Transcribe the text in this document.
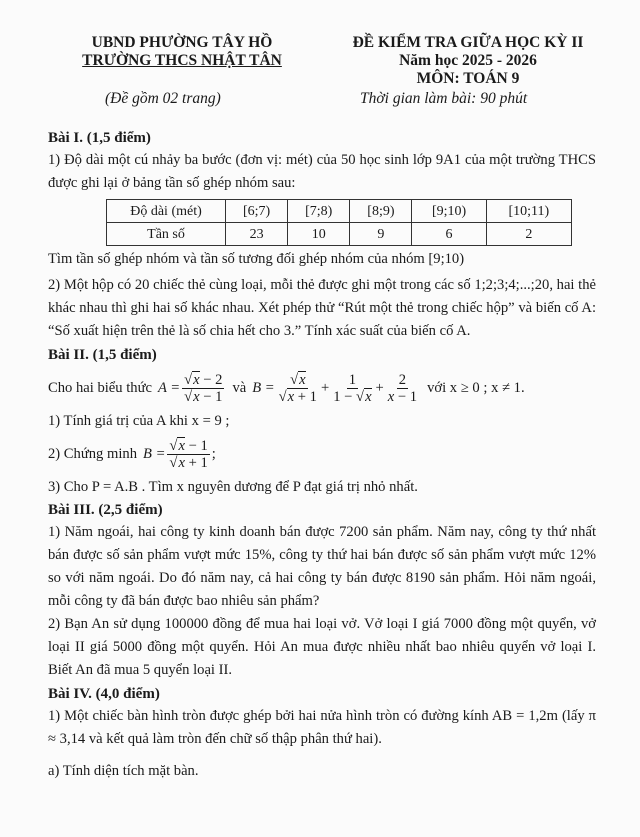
UBND PHƯỜNG TÂY HỒ
TRƯỜNG THCS NHẬT TÂN
(Đề gồm 02 trang)
ĐỀ KIỂM TRA GIỮA HỌC KỲ II
Năm học 2025 - 2026
MÔN: TOÁN 9
Thời gian làm bài: 90 phút
Bài I. (1,5 điểm)

1) Độ dài một cú nhảy ba bước (đơn vị: mét) của 50 học sinh lớp 9A1 của một trường THCS được ghi lại ở bảng tần số ghép nhóm sau:

Độ dài (mét)	[6;7)	[7;8)	[8;9)	[9;10)	[10;11)
Tần số	23	10	9	6	2

Tìm tần số ghép nhóm và tần số tương đối ghép nhóm của nhóm [9;10)

2) Một hộp có 20 chiếc thẻ cùng loại, mỗi thẻ được ghi một trong các số 1;2;3;4;...;20, hai thẻ khác nhau thì ghi hai số khác nhau. Xét phép thử “Rút một thẻ trong chiếc hộp” và biến cố A: “Số xuất hiện trên thẻ là số chia hết cho 3.” Tính xác suất của biến cố A.

Bài II. (1,5 điểm)
Cho hai biểu thức $A = \frac{√x - 2}{√x - 1}$ và $B = \frac{√x}{√x + 1} + \frac{1}{1 - √x} + \frac{2}{x - 1}$ với x ≥ 0 ; x ≠ 1.

1) Tính giá trị của A khi x = 9 ;

2) Chứng minh $B = \frac{√x - 1}{√x + 1}$ ;

3) Cho P = A.B . Tìm x nguyên dương để P đạt giá trị nhỏ nhất.

Bài III. (2,5 điểm)

1) Năm ngoái, hai công ty kinh doanh bán được 7200 sản phẩm. Năm nay, công ty thứ nhất bán được số sản phẩm vượt mức 15%, công ty thứ hai bán được số sản phẩm vượt mức 12% so với năm ngoái. Do đó năm nay, cả hai công ty bán được 8190 sản phẩm. Hỏi năm ngoái, mỗi công ty đã bán được bao nhiêu sản phẩm?

2) Bạn An sử dụng 100000 đồng để mua hai loại vở. Vở loại I giá 7000 đồng một quyển, vở loại II giá 5000 đồng một quyển. Hỏi An mua được nhiều nhất bao nhiêu quyển vở loại I. Biết An đã mua 5 quyển loại II.

Bài IV. (4,0 điểm)

1) Một chiếc bàn hình tròn được ghép bởi hai nửa hình tròn có đường kính AB = 1,2m (lấy π ≈ 3,14 và kết quả làm tròn đến chữ số thập phân thứ hai).

a) Tính diện tích mặt bàn.
